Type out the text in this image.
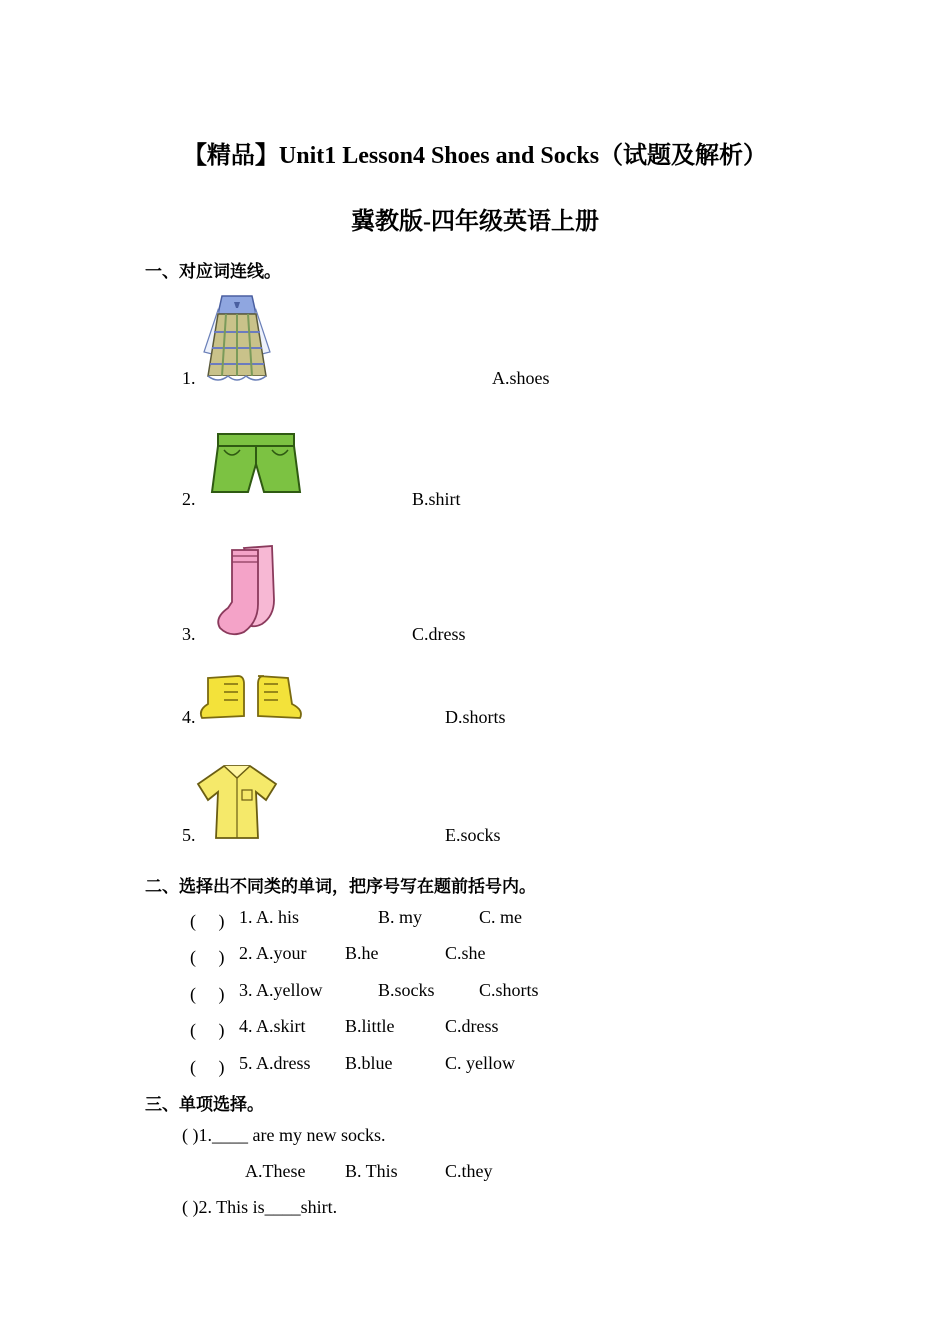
【精品】Unit1 Lesson4 Shoes and Socks（试题及解析）
冀教版-四年级英语上册
一、对应词连线。
1.	A.shoes
2.	B.shirt
3.	C.dress
4.	D.shorts
5.	E.socks
二、选择出不同类的单词，把序号写在题前括号内。
(　 ) 1. A. his	B. my	C. me
(　 ) 2. A.your B.he	C.she
(　 ) 3. A.yellow	B.socks C.shorts
(　 ) 4. A.skirt B.little	C.dress
(　 ) 5. A.dress B.blue	C. yellow
三、单项选择。
( )1.____ are my new socks.
A.These B. This	C.they
( )2. This is____shirt.
